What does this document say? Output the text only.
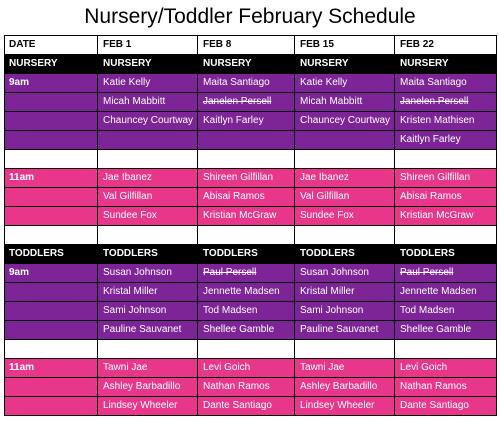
Nursery/Toddler February Schedule
DATE	FEB 1	FEB 8	FEB 15	FEB 22
NURSERY	NURSERY	NURSERY	NURSERY	NURSERY
9am	Katie Kelly	Maita Santiago	Katie Kelly	Maita Santiago
	Micah Mabbitt	Janelen Persell	Micah Mabbitt	Janelen Persell
	Chauncey Courtway	Kaitlyn Farley	Chauncey Courtway	Kristen Mathisen
				Kaitlyn Farley

11am	Jae Ibanez	Shireen Gilfillan	Jae Ibanez	Shireen Gilfillan
	Val Gilfillan	Abisai Ramos	Val Gilfillan	Abisai Ramos
	Sundee Fox	Kristian McGraw	Sundee Fox	Kristian McGraw

TODDLERS	TODDLERS	TODDLERS	TODDLERS	TODDLERS
9am	Susan Johnson	Paul Persell	Susan Johnson	Paul Persell
	Kristal Miller	Jennette Madsen	Kristal Miller	Jennette Madsen
	Sami Johnson	Tod Madsen	Sami Johnson	Tod Madsen
	Pauline Sauvanet	Shellee Gamble	Pauline Sauvanet	Shellee Gamble

11am	Tawni Jae	Levi Goich	Tawni Jae	Levi Goich
	Ashley Barbadillo	Nathan Ramos	Ashley Barbadillo	Nathan Ramos
	Lindsey Wheeler	Dante Santiago	Lindsey Wheeler	Dante Santiago
